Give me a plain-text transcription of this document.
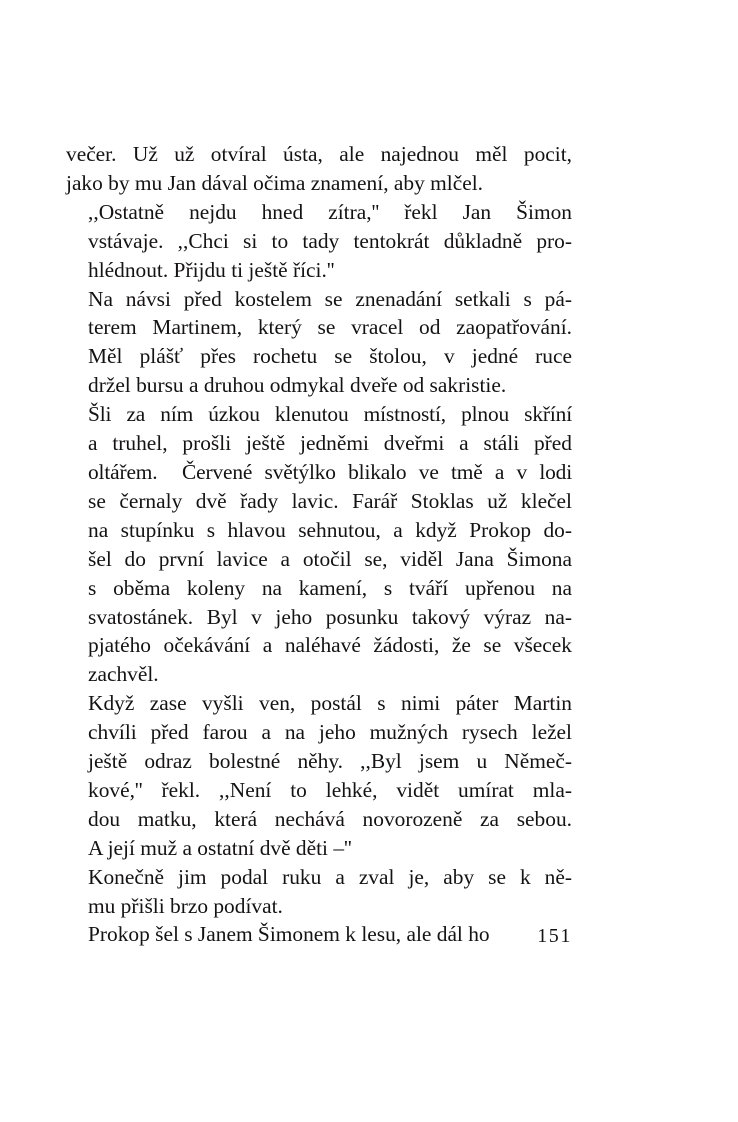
večer. Už už otvíral ústa, ale najednou měl pocit,
jako by mu Jan dával očima znamení, aby mlčel.

,,Ostatně nejdu hned zítra,'' řekl Jan Šimon
vstávaje. ,,Chci si to tady tentokrát důkladně pro-
hlédnout. Přijdu ti ještě říci.''

Na návsi před kostelem se znenadání setkali s pá-
terem Martinem, který se vracel od zaopatřování.
Měl plášť přes rochetu se štolou, v jedné ruce
držel bursu a druhou odmykal dveře od sakristie.

Šli za ním úzkou klenutou místností, plnou skříní
a truhel, prošli ještě jedněmi dveřmi a stáli před
oltářem.  Červené světýlko blikalo ve tmě a v lodi
se černaly dvě řady lavic. Farář Stoklas už klečel
na stupínku s hlavou sehnutou, a když Prokop do-
šel do první lavice a otočil se, viděl Jana Šimona
s oběma koleny na kamení, s tváří upřenou na
svatostánek. Byl v jeho posunku takový výraz na-
pjatého očekávání a naléhavé žádosti, že se všecek
zachvěl.

Když zase vyšli ven, postál s nimi páter Martin
chvíli před farou a na jeho mužných rysech ležel
ještě odraz bolestné něhy. ,,Byl jsem u Němeč-
kové,'' řekl. ,,Není to lehké, vidět umírat mla-
dou matku, která nechává novorozeně za sebou.
A její muž a ostatní dvě děti –''

Konečně jim podal ruku a zval je, aby se k ně-
mu přišli brzo podívat.

Prokop šel s Janem Šimonem k lesu, ale dál ho	151
